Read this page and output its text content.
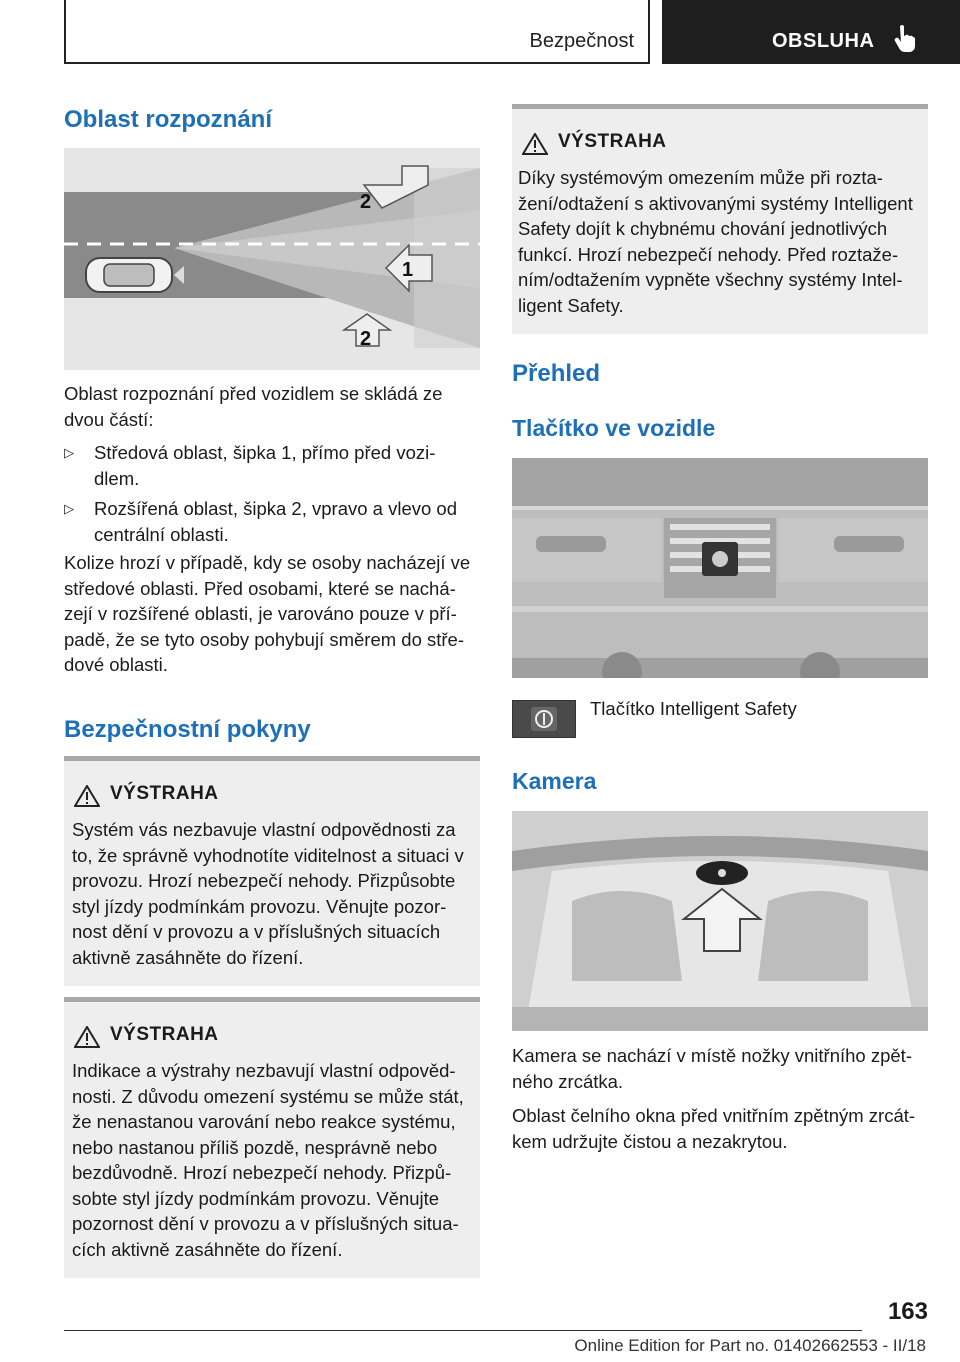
Bezpečnost	OBSLUHA
Oblast rozpoznání
2
1
2
Oblast rozpoznání před vozidlem se skládá ze
dvou částí:
▷ Středová oblast, šipka 1, přímo před vozi-
dlem.
▷ Rozšířená oblast, šipka 2, vpravo a vlevo od
centrální oblasti.
Kolize hrozí v případě, kdy se osoby nacházejí ve
středové oblasti. Před osobami, které se nachá-
zejí v rozšířené oblasti, je varováno pouze v pří-
padě, že se tyto osoby pohybují směrem do stře-
dové oblasti.
Bezpečnostní pokyny
VÝSTRAHA
Systém vás nezbavuje vlastní odpovědnosti za
to, že správně vyhodnotíte viditelnost a situaci v
provozu. Hrozí nebezpečí nehody. Přizpůsobte
styl jízdy podmínkám provozu. Věnujte pozor-
nost dění v provozu a v příslušných situacích
aktivně zasáhněte do řízení.
VÝSTRAHA
Indikace a výstrahy nezbavují vlastní odpověd-
nosti. Z důvodu omezení systému se může stát,
že nenastanou varování nebo reakce systému,
nebo nastanou příliš pozdě, nesprávně nebo
bezdůvodně. Hrozí nebezpečí nehody. Přizpů-
sobte styl jízdy podmínkám provozu. Věnujte
pozornost dění v provozu a v příslušných situa-
cích aktivně zasáhněte do řízení.
VÝSTRAHA
Díky systémovým omezením může při rozta-
žení/odtažení s aktivovanými systémy Intelligent
Safety dojít k chybnému chování jednotlivých
funkcí. Hrozí nebezpečí nehody. Před roztaže-
ním/odtažením vypněte všechny systémy Intel-
ligent Safety.
Přehled
Tlačítko ve vozidle
Tlačítko Intelligent Safety
Kamera
Kamera se nachází v místě nožky vnitřního zpět-
ného zrcátka.
Oblast čelního okna před vnitřním zpětným zrcát-
kem udržujte čistou a nezakrytou.
163
Online Edition for Part no. 01402662553 - II/18
